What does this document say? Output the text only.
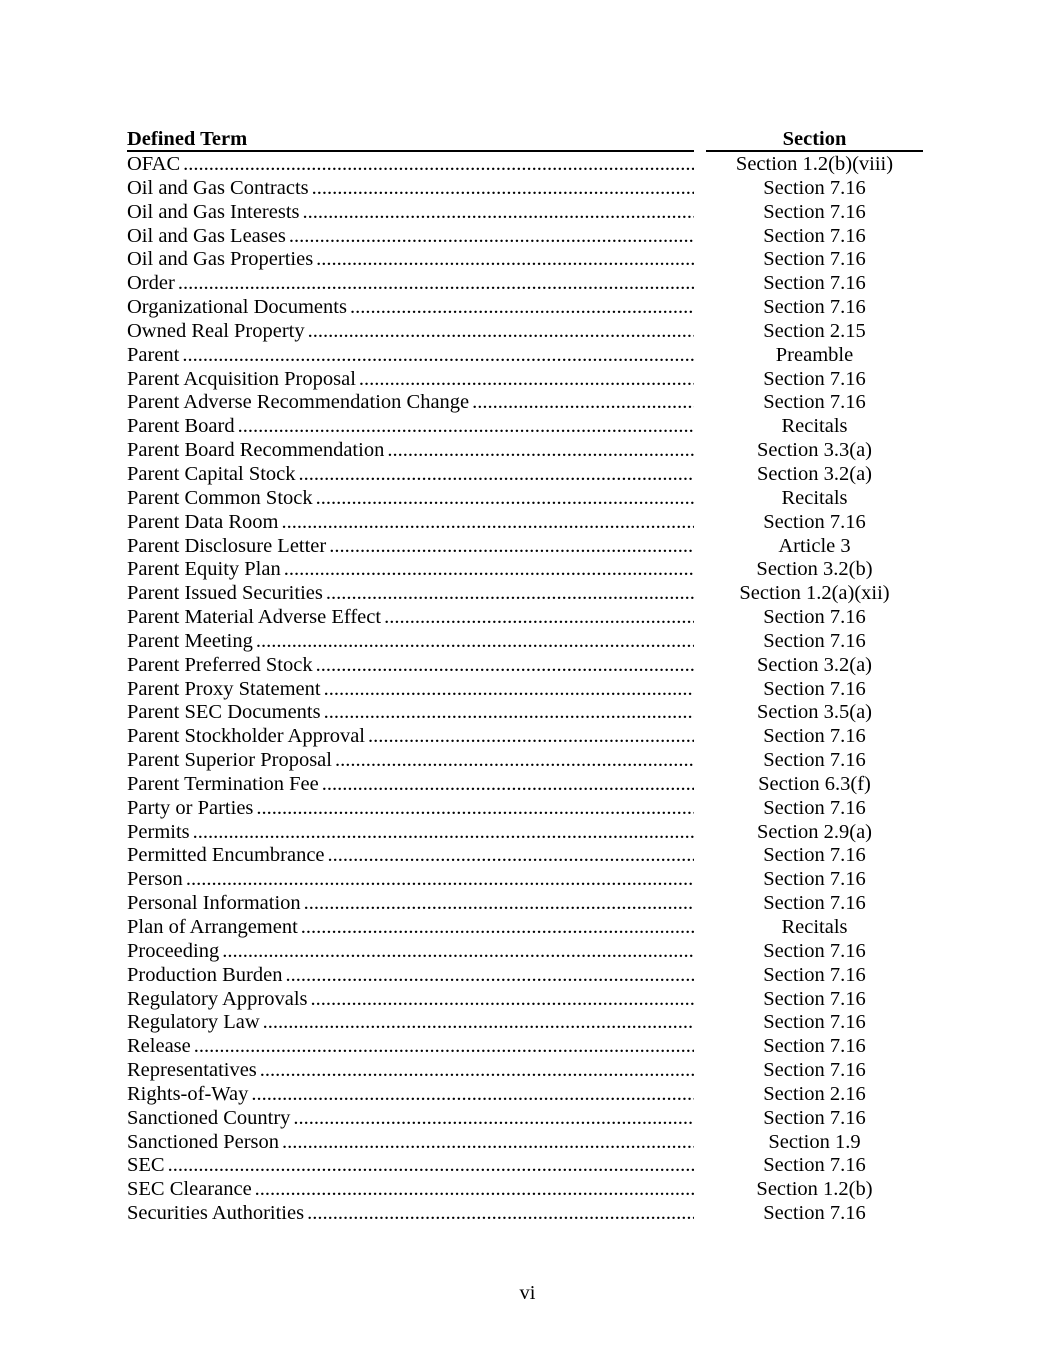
Defined Term	Section
OFAC .....	Section 1.2(b)(viii)
Oil and Gas Contracts .....	Section 7.16
Oil and Gas Interests .....	Section 7.16
Oil and Gas Leases .....	Section 7.16
Oil and Gas Properties .....	Section 7.16
Order .....	Section 7.16
Organizational Documents .....	Section 7.16
Owned Real Property .....	Section 2.15
Parent .....	Preamble
Parent Acquisition Proposal .....	Section 7.16
Parent Adverse Recommendation Change .....	Section 7.16
Parent Board .....	Recitals
Parent Board Recommendation .....	Section 3.3(a)
Parent Capital Stock .....	Section 3.2(a)
Parent Common Stock .....	Recitals
Parent Data Room .....	Section 7.16
Parent Disclosure Letter .....	Article 3
Parent Equity Plan .....	Section 3.2(b)
Parent Issued Securities .....	Section 1.2(a)(xii)
Parent Material Adverse Effect .....	Section 7.16
Parent Meeting .....	Section 7.16
Parent Preferred Stock .....	Section 3.2(a)
Parent Proxy Statement .....	Section 7.16
Parent SEC Documents .....	Section 3.5(a)
Parent Stockholder Approval .....	Section 7.16
Parent Superior Proposal .....	Section 7.16
Parent Termination Fee .....	Section 6.3(f)
Party or Parties .....	Section 7.16
Permits .....	Section 2.9(a)
Permitted Encumbrance .....	Section 7.16
Person .....	Section 7.16
Personal Information .....	Section 7.16
Plan of Arrangement .....	Recitals
Proceeding .....	Section 7.16
Production Burden .....	Section 7.16
Regulatory Approvals .....	Section 7.16
Regulatory Law .....	Section 7.16
Release .....	Section 7.16
Representatives .....	Section 7.16
Rights-of-Way .....	Section 2.16
Sanctioned Country .....	Section 7.16
Sanctioned Person .....	Section 1.9
SEC .....	Section 7.16
SEC Clearance .....	Section 1.2(b)
Securities Authorities .....	Section 7.16
vi
